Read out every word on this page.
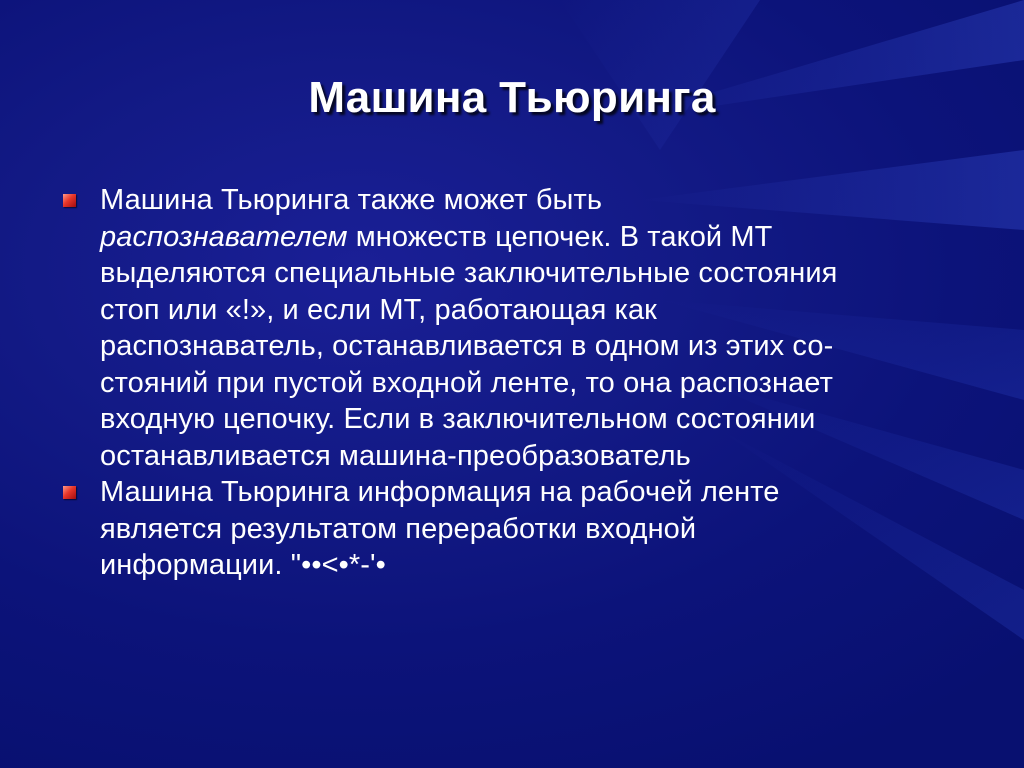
Машина Тьюринга
Машина Тьюринга также может быть
распознавателем множеств цепочек. В такой МТ
выделяются специальные заключительные состояния
стоп или «!», и если МТ, работающая как
распознаватель, останавливается в одном из этих со-
стояний при пустой входной ленте, то она распознает
входную цепочку. Если в заключительном состоянии
останавливается машина-преобразователь
Машина Тьюринга информация на рабочей ленте
является результатом переработки входной
информации. "••<•*-'•
